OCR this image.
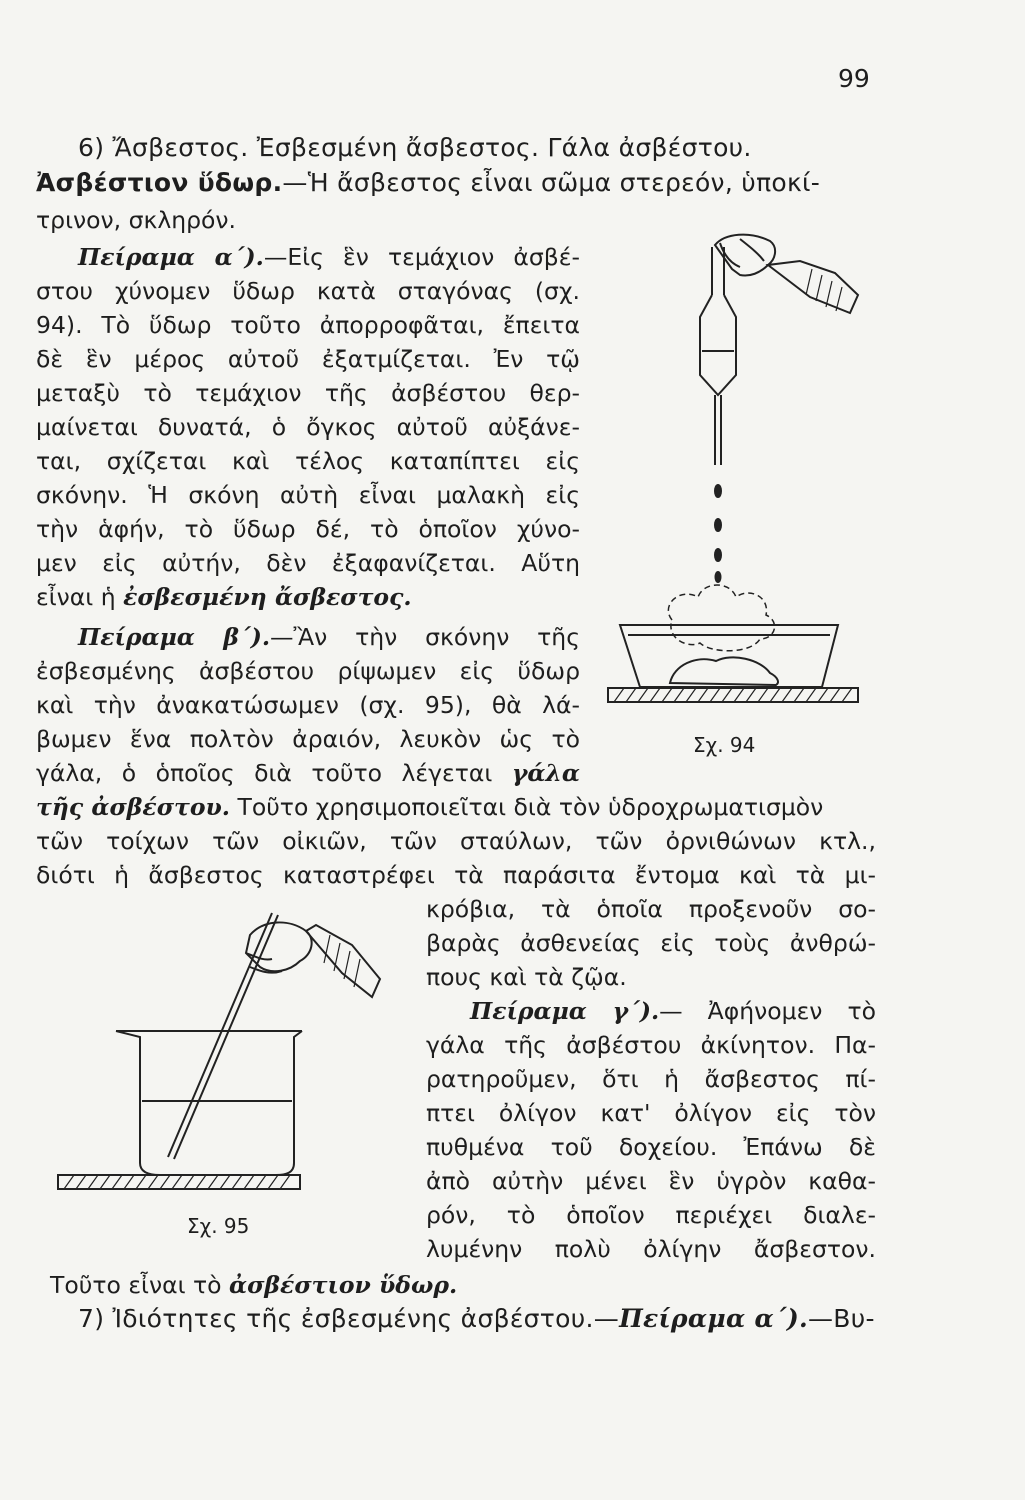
99
6) Ἄσβεστος. Ἐσβεσμένη ἄσβεστος. Γάλα ἀσβέστου.
Ἀσβέστιον ὕδωρ.—Ἡ ἄσβεστος εἶναι σῶμα στερεόν, ὑποκί-
τρινον, σκληρόν.
Πείραμα α΄).—Εἰς ἓν τεμάχιον ἀσβέ-
στου χύνομεν ὕδωρ κατὰ σταγόνας (σχ.
94). Τὸ ὕδωρ τοῦτο ἀπορροφᾶται, ἔπειτα
δὲ ἓν μέρος αὐτοῦ ἐξατμίζεται. Ἐν τῷ
μεταξὺ τὸ τεμάχιον τῆς ἀσβέστου θερ-
μαίνεται δυνατά, ὁ ὄγκος αὐτοῦ αὐξάνε-
ται, σχίζεται καὶ τέλος καταπίπτει εἰς
σκόνην. Ἡ σκόνη αὐτὴ εἶναι μαλακὴ εἰς
τὴν ἁφήν, τὸ ὕδωρ δέ, τὸ ὁποῖον χύνο-
μεν εἰς αὐτήν, δὲν ἐξαφανίζεται. Αὕτη
εἶναι ἡ ἐσβεσμένη ἄσβεστος.
Πείραμα β΄).—Ἂν τὴν σκόνην τῆς
ἐσβεσμένης ἀσβέστου ρίψωμεν εἰς ὕδωρ
καὶ τὴν ἀνακατώσωμεν (σχ. 95), θὰ λά-
βωμεν ἕνα πολτὸν ἀραιόν, λευκὸν ὡς τὸ
γάλα, ὁ ὁποῖος διὰ τοῦτο λέγεται γάλα
τῆς ἀσβέστου. Τοῦτο χρησιμοποιεῖται διὰ τὸν ὑδροχρωματισμὸν
τῶν τοίχων τῶν οἰκιῶν, τῶν σταύλων, τῶν ὀρνιθώνων κτλ.,
διότι ἡ ἄσβεστος καταστρέφει τὰ παράσιτα ἔντομα καὶ τὰ μι-
κρόβια, τὰ ὁποῖα προξενοῦν σο-
βαρὰς ἀσθενείας εἰς τοὺς ἀνθρώ-
πους καὶ τὰ ζῷα.
Πείραμα γ΄).— Ἀφήνομεν τὸ
γάλα τῆς ἀσβέστου ἀκίνητον. Πα-
ρατηροῦμεν, ὅτι ἡ ἄσβεστος πί-
πτει ὀλίγον κατ' ὀλίγον εἰς τὸν
πυθμένα τοῦ δοχείου. Ἐπάνω δὲ
ἀπὸ αὐτὴν μένει ἓν ὑγρὸν καθα-
ρόν, τὸ ὁποῖον περιέχει διαλε-
λυμένην πολὺ ὀλίγην ἄσβεστον.
Τοῦτο εἶναι τὸ ἀσβέστιον ὕδωρ.
7) Ἰδιότητες τῆς ἐσβεσμένης ἀσβέστου.—Πείραμα α΄).—Βυ-
Σχ. 94
Σχ. 95
